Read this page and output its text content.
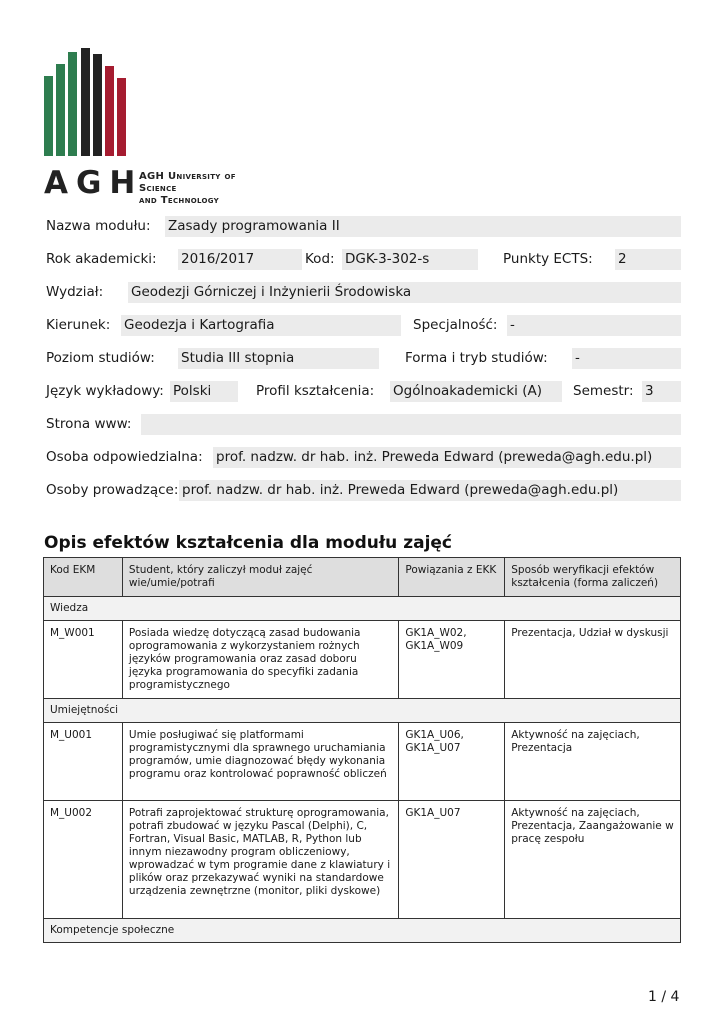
AGH
AGH University of Science
and Technology
Nazwa modułu: Zasady programowania II
Rok akademicki: 2016/2017	Kod: DGK-3-302-s	Punkty ECTS: 2
Wydział: Geodezji Górniczej i Inżynierii Środowiska
Kierunek: Geodezja i Kartografia	Specjalność: -
Poziom studiów: Studia III stopnia	Forma i tryb studiów: -
Język wykładowy: Polski	Profil kształcenia: Ogólnoakademicki (A)	Semestr: 3
Strona www:
Osoba odpowiedzialna: prof. nadzw. dr hab. inż. Preweda Edward (preweda@agh.edu.pl)
Osoby prowadzące: prof. nadzw. dr hab. inż. Preweda Edward (preweda@agh.edu.pl)
Opis efektów kształcenia dla modułu zajęć
Kod EKM	Student, który zaliczył moduł zajęć wie/umie/potrafi	Powiązania z EKK	Sposób weryfikacji efektów kształcenia (forma zaliczeń)
Wiedza			
M_W001	Posiada wiedzę dotyczącą zasad budowania oprogramowania z wykorzystaniem rożnych języków programowania oraz zasad doboru języka programowania do specyfiki zadania programistycznego	GK1A_W02, GK1A_W09	Prezentacja, Udział w dyskusji
Umiejętności			
M_U001	Umie posługiwać się platformami programistycznymi dla sprawnego uruchamiania programów, umie diagnozować błędy wykonania programu oraz kontrolować poprawność obliczeń	GK1A_U06, GK1A_U07	Aktywność na zajęciach, Prezentacja
M_U002	Potrafi zaprojektować strukturę oprogramowania, potrafi zbudować w języku Pascal (Delphi), C, Fortran, Visual Basic, MATLAB, R, Python lub innym niezawodny program obliczeniowy, wprowadzać w tym programie dane z klawiatury i plików oraz przekazywać wyniki na standardowe urządzenia zewnętrzne (monitor, pliki dyskowe)	GK1A_U07	Aktywność na zajęciach, Prezentacja, Zaangażowanie w pracę zespołu
Kompetencje społeczne			
1 / 4
